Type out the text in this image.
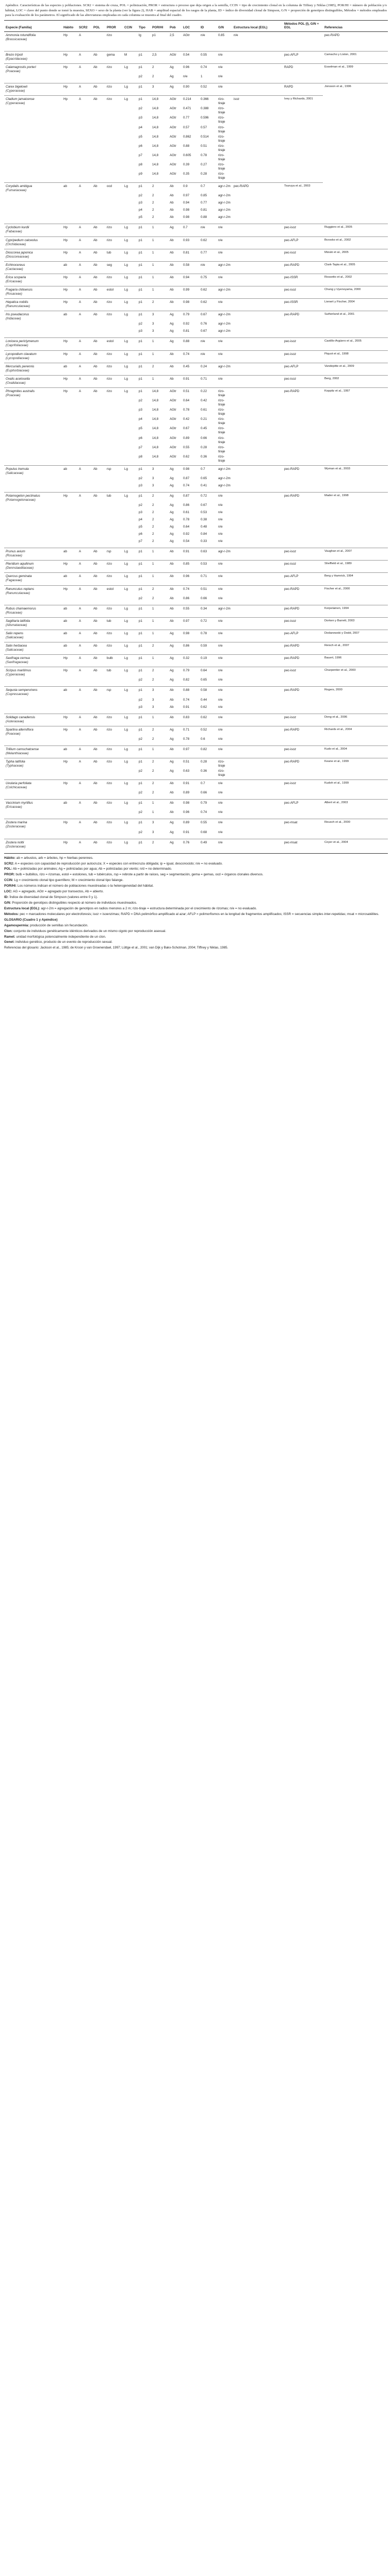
Apéndice. Características de las especies y poblaciones. SCR2 = sistema de cruza, POL = polinización, PROR = estructura o proceso que deja origen a la semilla, CCIN = tipo de crecimiento clonal en la columna de Tiffney y Niklas (1985), POR/HI = número de población y/o hábitat, LOC = clave del punto donde se tomó la muestra, SEXO = sexo de la planta (ver la figura 2), HAB = amplitud espacial de los rasgos de la planta, ID = índice de diversidad clonal de Simpson, G/N = proporción de genotipos distinguibles, Métodos = métodos empleados para la evaluación de los parámetros. El significado de las abreviaturas empleadas en cada columna se muestra al final del cuadro.

Especie (Familia)	Hábito	SCR2	POL	PROR	CCIN	Tipo	POR/HI	Pob	LOC	ID	G/N	Estructura local (EGL)	Métodos POL (I), G/N + EGL	Referencias	

Ammonia rotundifolia
(Brassicaceae)	Hp	A		rizo		lg	p1	2,5	AGtr	n/e	0.85	n/e		pec-RAPD	

Brezo trípoli
(Epacridaceae)	Hp	A	Ab	gema	M	p1	2,5	AGtr	0.54	0.55	n/e		pec-AFLP	Camacho y Liston, 2001	

Calamagrostis porteri
(Poaceae)	Hp	A	Ab	rizo	Lg	p1	2	Ag	0.96	0.74	n/e		RAPD	Esselman et al., 1999	
						p2	2	Ag	n/e	1	n/e				

Carex bigelowii
(Cyperaceae)	Hp	A	Ab	rizo	Lg	p1	3	Ag	0.90	0.52	n/e		RAPD	Jonsson et al., 1996	

Cladium jamaicense
(Cyperaceae)	Hp	A	Ab	rizo	Lg	p1	14,8	AGtr	0.214	0.366	rizo-tiraje	isoz	Ivey y Richards, 2001		
						p2	14,8	AGtr	0.471	0.388	rizo-tiraje				
						p3	14,8	AGtr	0.77	0.596	rizo-tiraje				
						p4	14,8	AGtr	0.57	0.57	rizo-tiraje				
						p5	14,8	AGtr	0.862	0.514	rizo-tiraje				
						p6	14,8	AGtr	0.88	0.51	rizo-tiraje				
						p7	14,8	AGtr	0.605	0.78	rizo-tiraje				
						p8	14,8	AGtr	0.39	0.27	rizo-tiraje				
						p9	14,8	AGtr	0.35	0.28	rizo-tiraje				

Corydalis ambigua
(Fumariaceae)	ab	A	Ab	ocd	Lg	p1	2	Ab	0.9	0.7	agr-r-2m	pec-RAPD	Tsuruya et al., 2003		
						p2	2	Ab	0.97	0.85	agr-r-2m				
						p3	2	Ab	0.94	0.77	agr-r-2m				
						p4	2	Ab	0.98	0.81	agr-r-2m				
						p5	2	Ab	0.98	0.88	agr-r-2m				

Cyclobium kurdii
(Fabaceae)	Hp	A	Ab	rizo	Lg	p1	1	Ag	0.7	n/e	n/e		pec-isoz	Ruggiero et al., 2005	

Cypripedium calceolus
(Orchidaceae)	Hp	A	Ab	rizo	Lg	p1	1	Ab	0.93	0.62	n/e		pec-AFLP	Brzosko et al., 2002	

Dioscorea japonica
(Dioscoreaceae)	Hp	A	Ab	tub	Lg	p1	1	Ab	0.81	0.77	n/e		pec-isoz	Mizuki et al., 2005	

Echinocereus
(Cactaceae)	ab	A	Ab	seg	Lg	p1	1	Ab	0.58	n/e	agr-r-2m		pec-RAPD	Clark-Tapia et al., 2005	

Erica scoparia
(Ericaceae)	Hp	A	Ab	rizo	Lg	p1	1	Ab	0.94	0.75	n/e		pec-ISSR	Rossetto et al., 2002	

Fragaria chiloensis
(Rosaceae)	Hp	A	Ab	estol	Lg	p1	1	Ab	0.99	0.62	agr-r-2m		pec-isoz	Chang y Uyenoyama, 2000	

Hepatica nobilis
(Ranunculaceae)	Hp	A	Ab	rizo	Lg	p1	2	Ab	0.98	0.62	n/e		pec-ISSR	Lienert y Fischer, 2004	

Iris pseudacorus
(Iridaceae)	ab	A	Ab	rizo	Lg	p1	3	Ag	0.79	0.67	agr-r-2m		pec-RAPD	Sutherland et al., 2001	
						p2	3	Ag	0.92	0.76	agr-r-2m				
						p3	3	Ag	0.81	0.67	agr-r-2m				

Lonicera periclymenum
(Caprifoliaceae)	Hp	A	Ab	estol	Lg	p1	1	Ag	0.88	n/e	n/e		pec-isoz	Castillo-Argüero et al., 2005	

Lycopodium clavatum
(Lycopodiaceae)	Hp	A	Ab	rizo	Lg	p1	1	Ab	0.74	n/e	n/e		pec-isoz	Piquot et al., 1998	

Mercurialis perennis
(Euphorbiaceae)	ab	A	Ab	rizo	Lg	p1	2	Ab	0.45	0.24	agr-r-2m		pec-AFLP	Vandepitte et al., 2009	

Oxalis acetosella
(Oxalidaceae)	Hp	A	Ab	rizo	Lg	p1	1	Ab	0.91	0.71	n/e		pec-isoz	Berg, 2002	

Phragmites australis
(Poaceae)	Hp	A	Ab	rizo	Lg	p1	14,8	AGtr	0.51	0.22	rizo-tiraje		pec-RAPD	Koppitz et al., 1997	
						p2	14,8	AGtr	0.64	0.42	rizo-tiraje				
						p3	14,8	AGtr	0.78	0.61	rizo-tiraje				
						p4	14,8	AGtr	0.42	0.21	rizo-tiraje				
						p5	14,8	AGtr	0.67	0.45	rizo-tiraje				
						p6	14,8	AGtr	0.89	0.66	rizo-tiraje				
						p7	14,8	AGtr	0.55	0.28	rizo-tiraje				
						p8	14,8	AGtr	0.62	0.36	rizo-tiraje				

Populus tremula
(Salicaceae)	ab	A	Ab	rsp	Lg	p1	3	Ag	0.98	0.7	agr-r-2m		pec-RAPD	Wyman et al., 2003	
						p2	3	Ag	0.87	0.65	agr-r-2m				
						p3	3	Ag	0.74	0.41	agr-r-2m				

Potamogeton pectinatus
(Potamogetonaceae)	Hp	A	Ab	tub	Lg	p1	2	Ag	0.87	0.72	n/e		pec-RAPD	Mader et al., 1998	
						p2	2	Ag	0.86	0.67	n/e				
						p3	2	Ag	0.61	0.53	n/e				
						p4	2	Ag	0.78	0.38	n/e				
						p5	2	Ag	0.64	0.48	n/e				
						p6	2	Ag	0.92	0.84	n/e				
						p7	2	Ag	0.54	0.33	n/e				

Prunus avium
(Rosaceae)	ab	A	Ab	rsp	Lg	p1	1	Ab	0.91	0.63	agr-r-2m		pec-isoz	Vaughan et al., 2007	

Pteridium aquilinum
(Dennstaedtiaceae)	Hp	A	Ab	rizo	Lg	p1	1	Ab	0.85	0.53	n/e		pec-isoz	Sheffield et al., 1989	

Quercus geminata
(Fagaceae)	ab	A	Ab	rizo	Lg	p1	1	Ab	0.96	0.71	n/e		pec-AFLP	Berg y Hamrick, 1994	

Ranunculus reptans
(Ranunculaceae)	Hp	A	Ab	estol	Lg	p1	2	Ab	0.74	0.51	n/e		pec-RAPD	Fischer et al., 2000	
						p2	2	Ab	0.86	0.66	n/e				

Rubus chamaemorus
(Rosaceae)	ab	A	Ab	rizo	Lg	p1	1	Ab	0.55	0.34	agr-r-2m		pec-RAPD	Korpelainen, 1994	

Sagittaria latifolia
(Alismataceae)	ab	A	Ab	tub	Lg	p1	1	Ab	0.97	0.72	n/e		pec-isoz	Dorken y Barrett, 2003	

Salix repens
(Salicaceae)	ab	A	Ab	rizo	Lg	p1	1	Ag	0.98	0.78	n/e		pec-AFLP	Dodanowski y Dodd, 2007	

Salix herbacea
(Salicaceae)	ab	A	Ab	rizo	Lg	p1	2	Ag	0.86	0.59	n/e		pec-RAPD	Reisch et al., 2007	

Saxifraga cernua
(Saxifragaceae)	Hp	A	Ab	bulb	Lg	p1	1	Ag	0.32	0.19	n/e		pec-RAPD	Bauert, 1996	

Scirpus maritimus
(Cyperaceae)	Hp	A	Ab	tub	Lg	p1	2	Ag	0.79	0.64	n/e		pec-isoz	Charpentier et al., 2000	
						p2	2	Ag	0.82	0.65	n/e				

Sequoia sempervirens
(Cupressaceae)	ab	A	Ab	rsp	Lg	p1	3	Ab	0.88	0.58	n/e		pec-RAPD	Rogers, 2000	
						p2	3	Ab	0.74	0.44	n/e				
						p3	3	Ab	0.91	0.62	n/e				

Solidago canadensis
(Asteraceae)	Hp	A	Ab	rizo	Lg	p1	1	Ab	0.83	0.62	n/e		pec-isoz	Dong et al., 2006	

Spartina alterniflora
(Poaceae)	Hp	A	Ab	rizo	Lg	p1	2	Ag	0.71	0.52	n/e		pec-RAPD	Richards et al., 2004	
						p2	2	Ag	0.78	0.6	n/e				

Trillium camschatcense
(Melanthiaceae)	ab	A	Ab	rizo	Lg	p1	1	Ab	0.97	0.82	n/e		pec-isoz	Kudo et al., 2004	

Typha latifolia
(Typhaceae)	Hp	A	Ab	rizo	Lg	p1	2	Ag	0.51	0.28	rizo-tiraje		pec-RAPD	Keane et al., 1999	
						p2	2	Ag	0.63	0.36	rizo-tiraje				

Uvularia perfoliata
(Colchicaceae)	Hp	A	Ab	rizo	Lg	p1	2	Ab	0.91	0.7	n/e		pec-isoz	Kudoh et al., 1999	
						p2	2	Ab	0.89	0.66	n/e				

Vaccinium myrtillus
(Ericaceae)	ab	A	Ab	rizo	Lg	p1	1	Ab	0.98	0.79	n/e		pec-AFLP	Albert et al., 2003	
						p2	1	Ab	0.96	0.74	n/e				

Zostera marina
(Zosteraceae)	Hp	A	Ab	rizo	Lg	p1	3	Ag	0.89	0.55	n/e		pec-msat	Reusch et al., 2000	
						p2	3	Ag	0.91	0.68	n/e				

Zostera noltii
(Zosteraceae)	Hp	A	Ab	rizo	Lg	p1	2	Ag	0.76	0.49	n/e		pec-msat	Coyer et al., 2004	

Hábito: ab = arbustos, arb = árboles, hp = hierbas perennes.

SCR2: A = especies con capacidad de reproducción por autocruza; X = especies con entrecruza obligada; ip = igual, desconocido; n/e = no evaluado.

POL: Ab = polinizadas por animales; Ag = polinizadas por agua; Ab = polinizadas por viento; n/d = no determinado.

PROR: bulb = bulbillos, rizo = rizomas, estol = estolones, tub = tubérculos, rsp = rebrote a partir de raíces, seg = segmentación, gema = gemas, ocd = órganos clonales diversos.

CCIN: Lg = crecimiento clonal tipo guerrillero; M = crecimiento clonal tipo falange.

POR/HI: Los números indican el número de poblaciones muestreadas o la heterogeneidad del hábitat.

LOC: AG = agregado, AGtr = agregado por transectos, Ab = abierto.

ID: Índice de diversidad clonal de Simpson (valores entre 0 y 1).

G/N: Proporción de genotipos distinguibles respecto al número de individuos muestreados.

Estructura local (EGL): agr-r-2m = agregación de genotipos en radios menores a 2 m; rizo-tiraje = estructura determinada por el crecimiento de rizomas; n/e = no evaluado.

Métodos: pec = marcadores moleculares por electroforesis; isoz = isoenzimas; RAPD = DNA polimórfico amplificado al azar; AFLP = polimorfismos en la longitud de fragmentos amplificados; ISSR = secuencias simples inter-repetidas; msat = microsatélites.

GLOSARIO (Cuadro 1 y Apéndice)

Agamospermia: producción de semillas sin fecundación.

Clon: conjunto de individuos genéticamente idénticos derivados de un mismo cigoto por reproducción asexual.

Ramet: unidad morfológica potencialmente independiente de un clon.

Genet: individuo genético, producto de un evento de reproducción sexual.

Referencias del glosario: Jackson et al., 1985; de Kroon y van Groenendael, 1997; Lüttge et al., 2001; van Dijk y Bakx-Schotman, 2004; Tiffney y Niklas, 1985.
